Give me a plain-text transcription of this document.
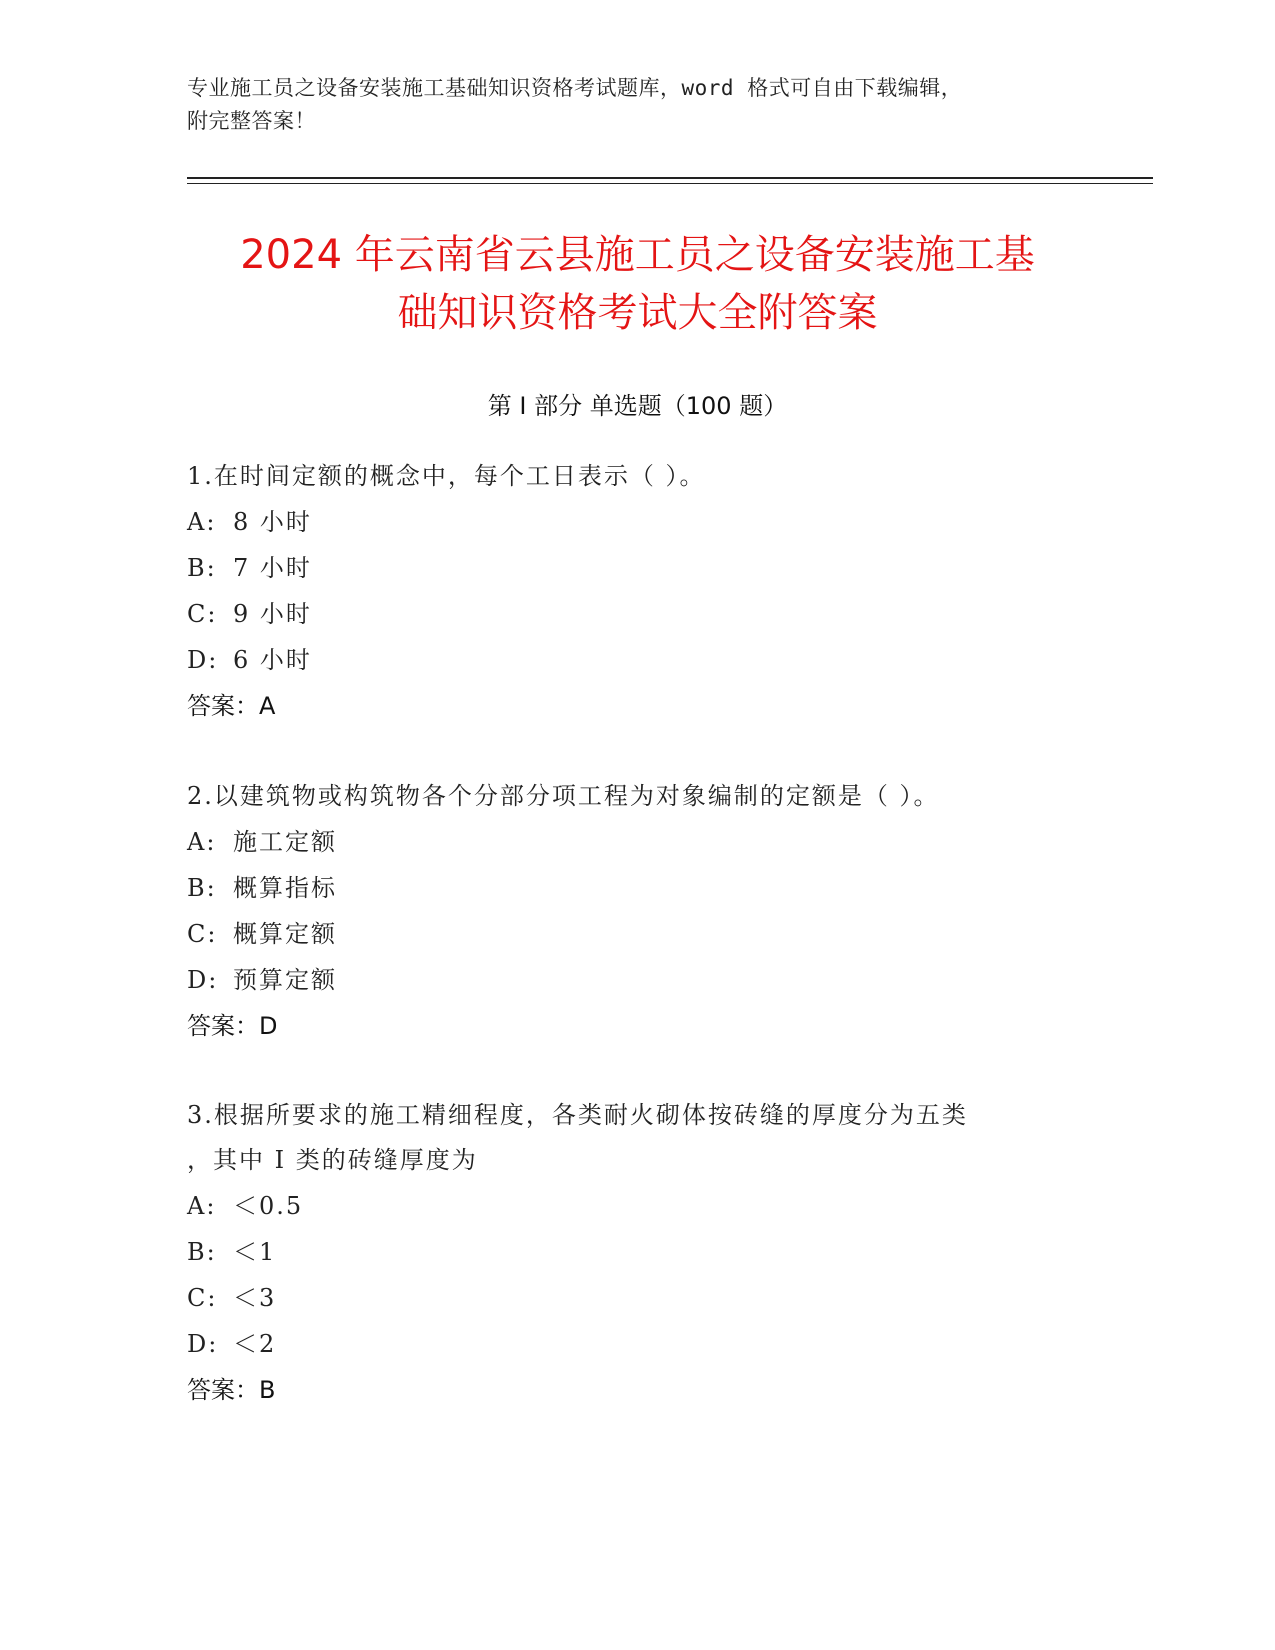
专业施工员之设备安装施工基础知识资格考试题库，word 格式可自由下载编辑，
附完整答案！
2024 年云南省云县施工员之设备安装施工基
础知识资格考试大全附答案
第 I 部分 单选题（100 题）
1.在时间定额的概念中，每个工日表示（ ）。
A: 8 小时
B: 7 小时
C: 9 小时
D: 6 小时
答案：A
2.以建筑物或构筑物各个分部分项工程为对象编制的定额是（ ）。
A: 施工定额
B: 概算指标
C: 概算定额
D: 预算定额
答案：D
3.根据所要求的施工精细程度，各类耐火砌体按砖缝的厚度分为五类
，其中 I 类的砖缝厚度为
A: ＜0.5
B: ＜1
C: ＜3
D: ＜2
答案：B
